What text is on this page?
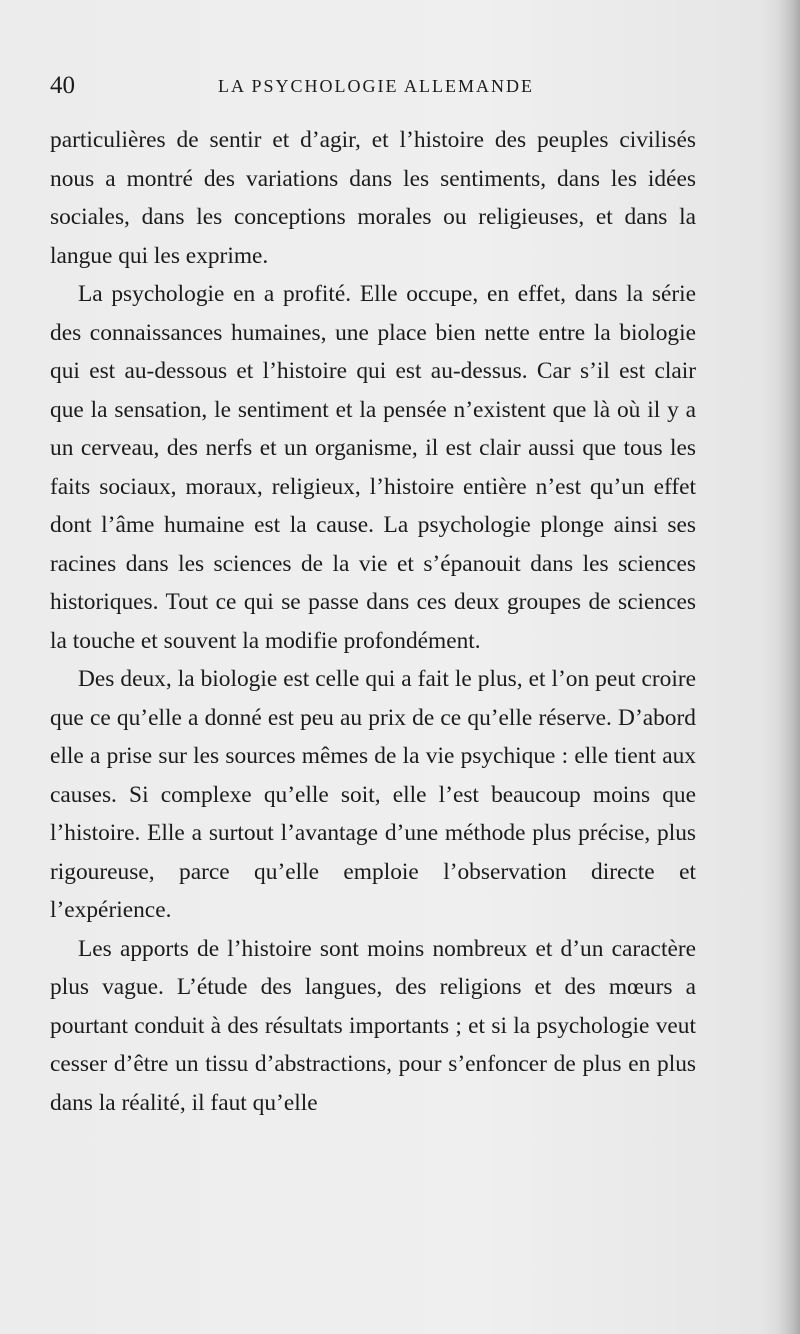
40	LA PSYCHOLOGIE ALLEMANDE

particulières de sentir et d’agir, et l’histoire des peuples civilisés nous a montré des variations dans les sentiments, dans les idées sociales, dans les conceptions morales ou religieuses, et dans la langue qui les exprime.

La psychologie en a profité. Elle occupe, en effet, dans la série des connaissances humaines, une place bien nette entre la biologie qui est au-dessous et l’histoire qui est au-dessus. Car s’il est clair que la sensation, le sentiment et la pensée n’existent que là où il y a un cerveau, des nerfs et un organisme, il est clair aussi que tous les faits sociaux, moraux, religieux, l’histoire entière n’est qu’un effet dont l’âme humaine est la cause. La psychologie plonge ainsi ses racines dans les sciences de la vie et s’épanouit dans les sciences historiques. Tout ce qui se passe dans ces deux groupes de sciences la touche et souvent la modifie profondément.

Des deux, la biologie est celle qui a fait le plus, et l’on peut croire que ce qu’elle a donné est peu au prix de ce qu’elle réserve. D’abord elle a prise sur les sources mêmes de la vie psychique : elle tient aux causes. Si complexe qu’elle soit, elle l’est beaucoup moins que l’histoire. Elle a surtout l’avantage d’une méthode plus précise, plus rigoureuse, parce qu’elle emploie l’observation directe et l’expérience.

Les apports de l’histoire sont moins nombreux et d’un caractère plus vague. L’étude des langues, des religions et des mœurs a pourtant conduit à des résultats importants ; et si la psychologie veut cesser d’être un tissu d’abstractions, pour s’enfoncer de plus en plus dans la réalité, il faut qu’elle
